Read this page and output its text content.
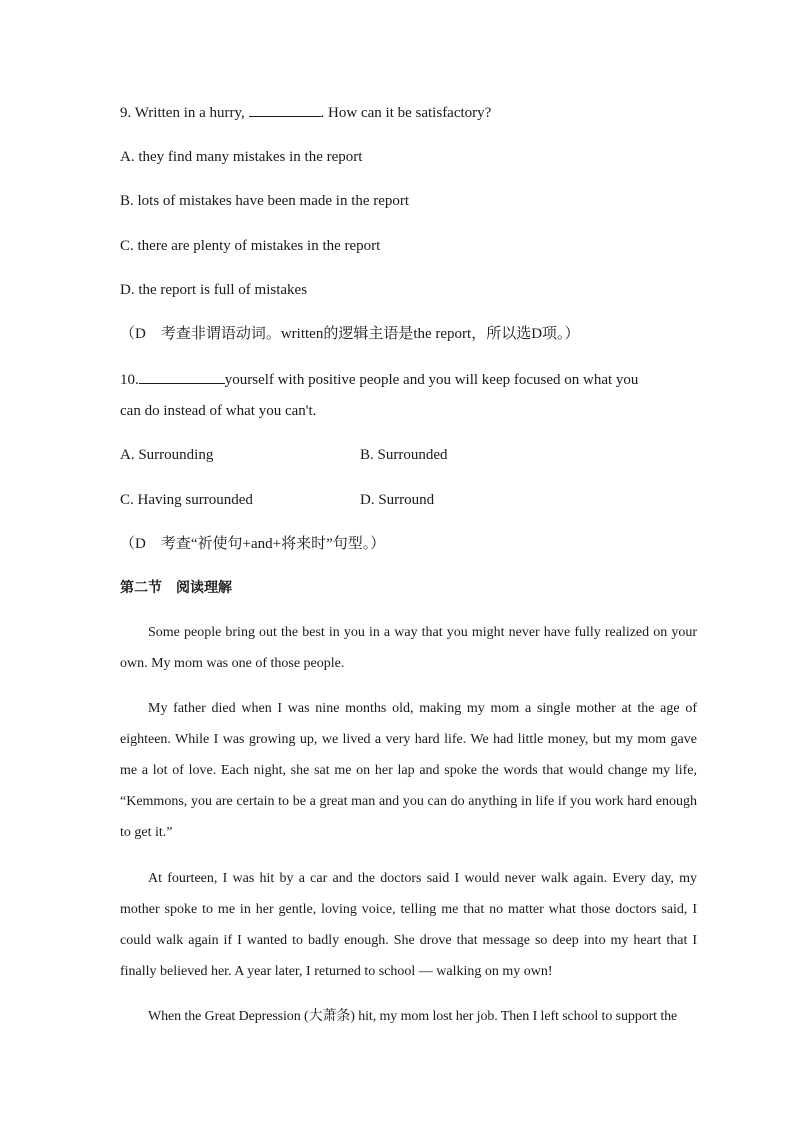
9. Written in a hurry,	. How can it be satisfactory?
A. they find many mistakes in the report
B. lots of mistakes have been made in the report
C. there are plenty of mistakes in the report
D. the report is full of mistakes
（D　考查非谓语动词。written的逻辑主语是the report，所以选D项。）
10.	yourself with positive people and you will keep focused on what you
can do instead of what you can't.
A. Surrounding	B. Surrounded
C. Having surrounded	D. Surround
（D　考查“祈使句+and+将来时”句型。）
第二节　阅读理解
Some people bring out the best in you in a way that you might never have fully realized on your own. My mom was one of those people.
My father died when I was nine months old, making my mom a single mother at the age of eighteen. While I was growing up, we lived a very hard life. We had little money, but my mom gave me a lot of love. Each night, she sat me on her lap and spoke the words that would change my life, “Kemmons, you are certain to be a great man and you can do anything in life if you work hard enough to get it.”
At fourteen, I was hit by a car and the doctors said I would never walk again. Every day, my mother spoke to me in her gentle, loving voice, telling me that no matter what those doctors said, I could walk again if I wanted to badly enough. She drove that message so deep into my heart that I finally believed her. A year later, I returned to school — walking on my own!
When the Great Depression (大萧条) hit, my mom lost her job. Then I left school to support the
